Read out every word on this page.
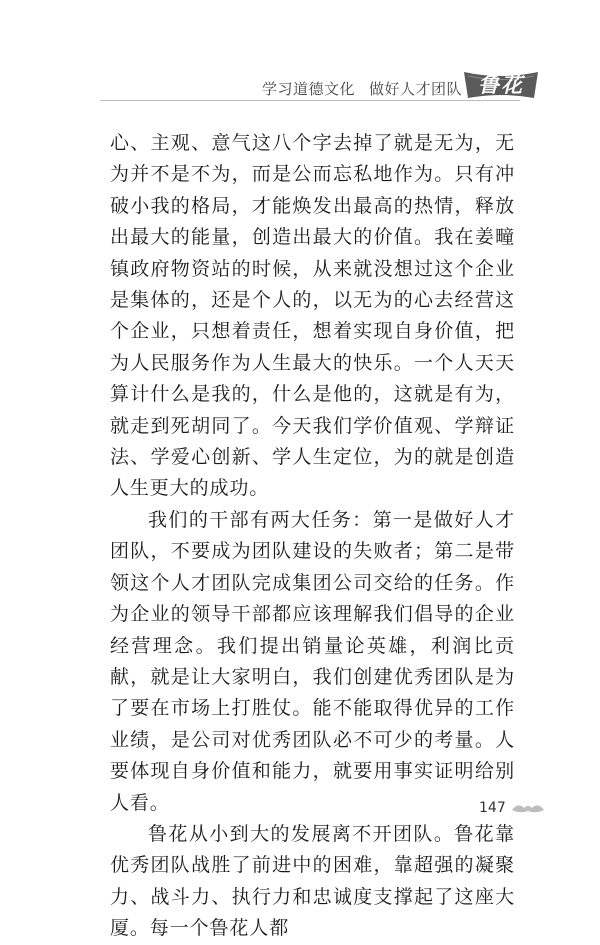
学习道德文化 做好人才团队 鲁花

心、主观、意气这八个字去掉了就是无为，无为并不是不为，而是公而忘私地作为。只有冲破小我的格局，才能焕发出最高的热情，释放出最大的能量，创造出最大的价值。我在姜疃镇政府物资站的时候，从来就没想过这个企业是集体的，还是个人的，以无为的心去经营这个企业，只想着责任，想着实现自身价值，把为人民服务作为人生最大的快乐。一个人天天算计什么是我的，什么是他的，这就是有为，就走到死胡同了。今天我们学价值观、学辩证法、学爱心创新、学人生定位，为的就是创造人生更大的成功。

我们的干部有两大任务：第一是做好人才团队，不要成为团队建设的失败者；第二是带领这个人才团队完成集团公司交给的任务。作为企业的领导干部都应该理解我们倡导的企业经营理念。我们提出销量论英雄，利润比贡献，就是让大家明白，我们创建优秀团队是为了要在市场上打胜仗。能不能取得优异的工作业绩，是公司对优秀团队必不可少的考量。人要体现自身价值和能力，就要用事实证明给别人看。

鲁花从小到大的发展离不开团队。鲁花靠优秀团队战胜了前进中的困难，靠超强的凝聚力、战斗力、执行力和忠诚度支撑起了这座大厦。每一个鲁花人都

147
